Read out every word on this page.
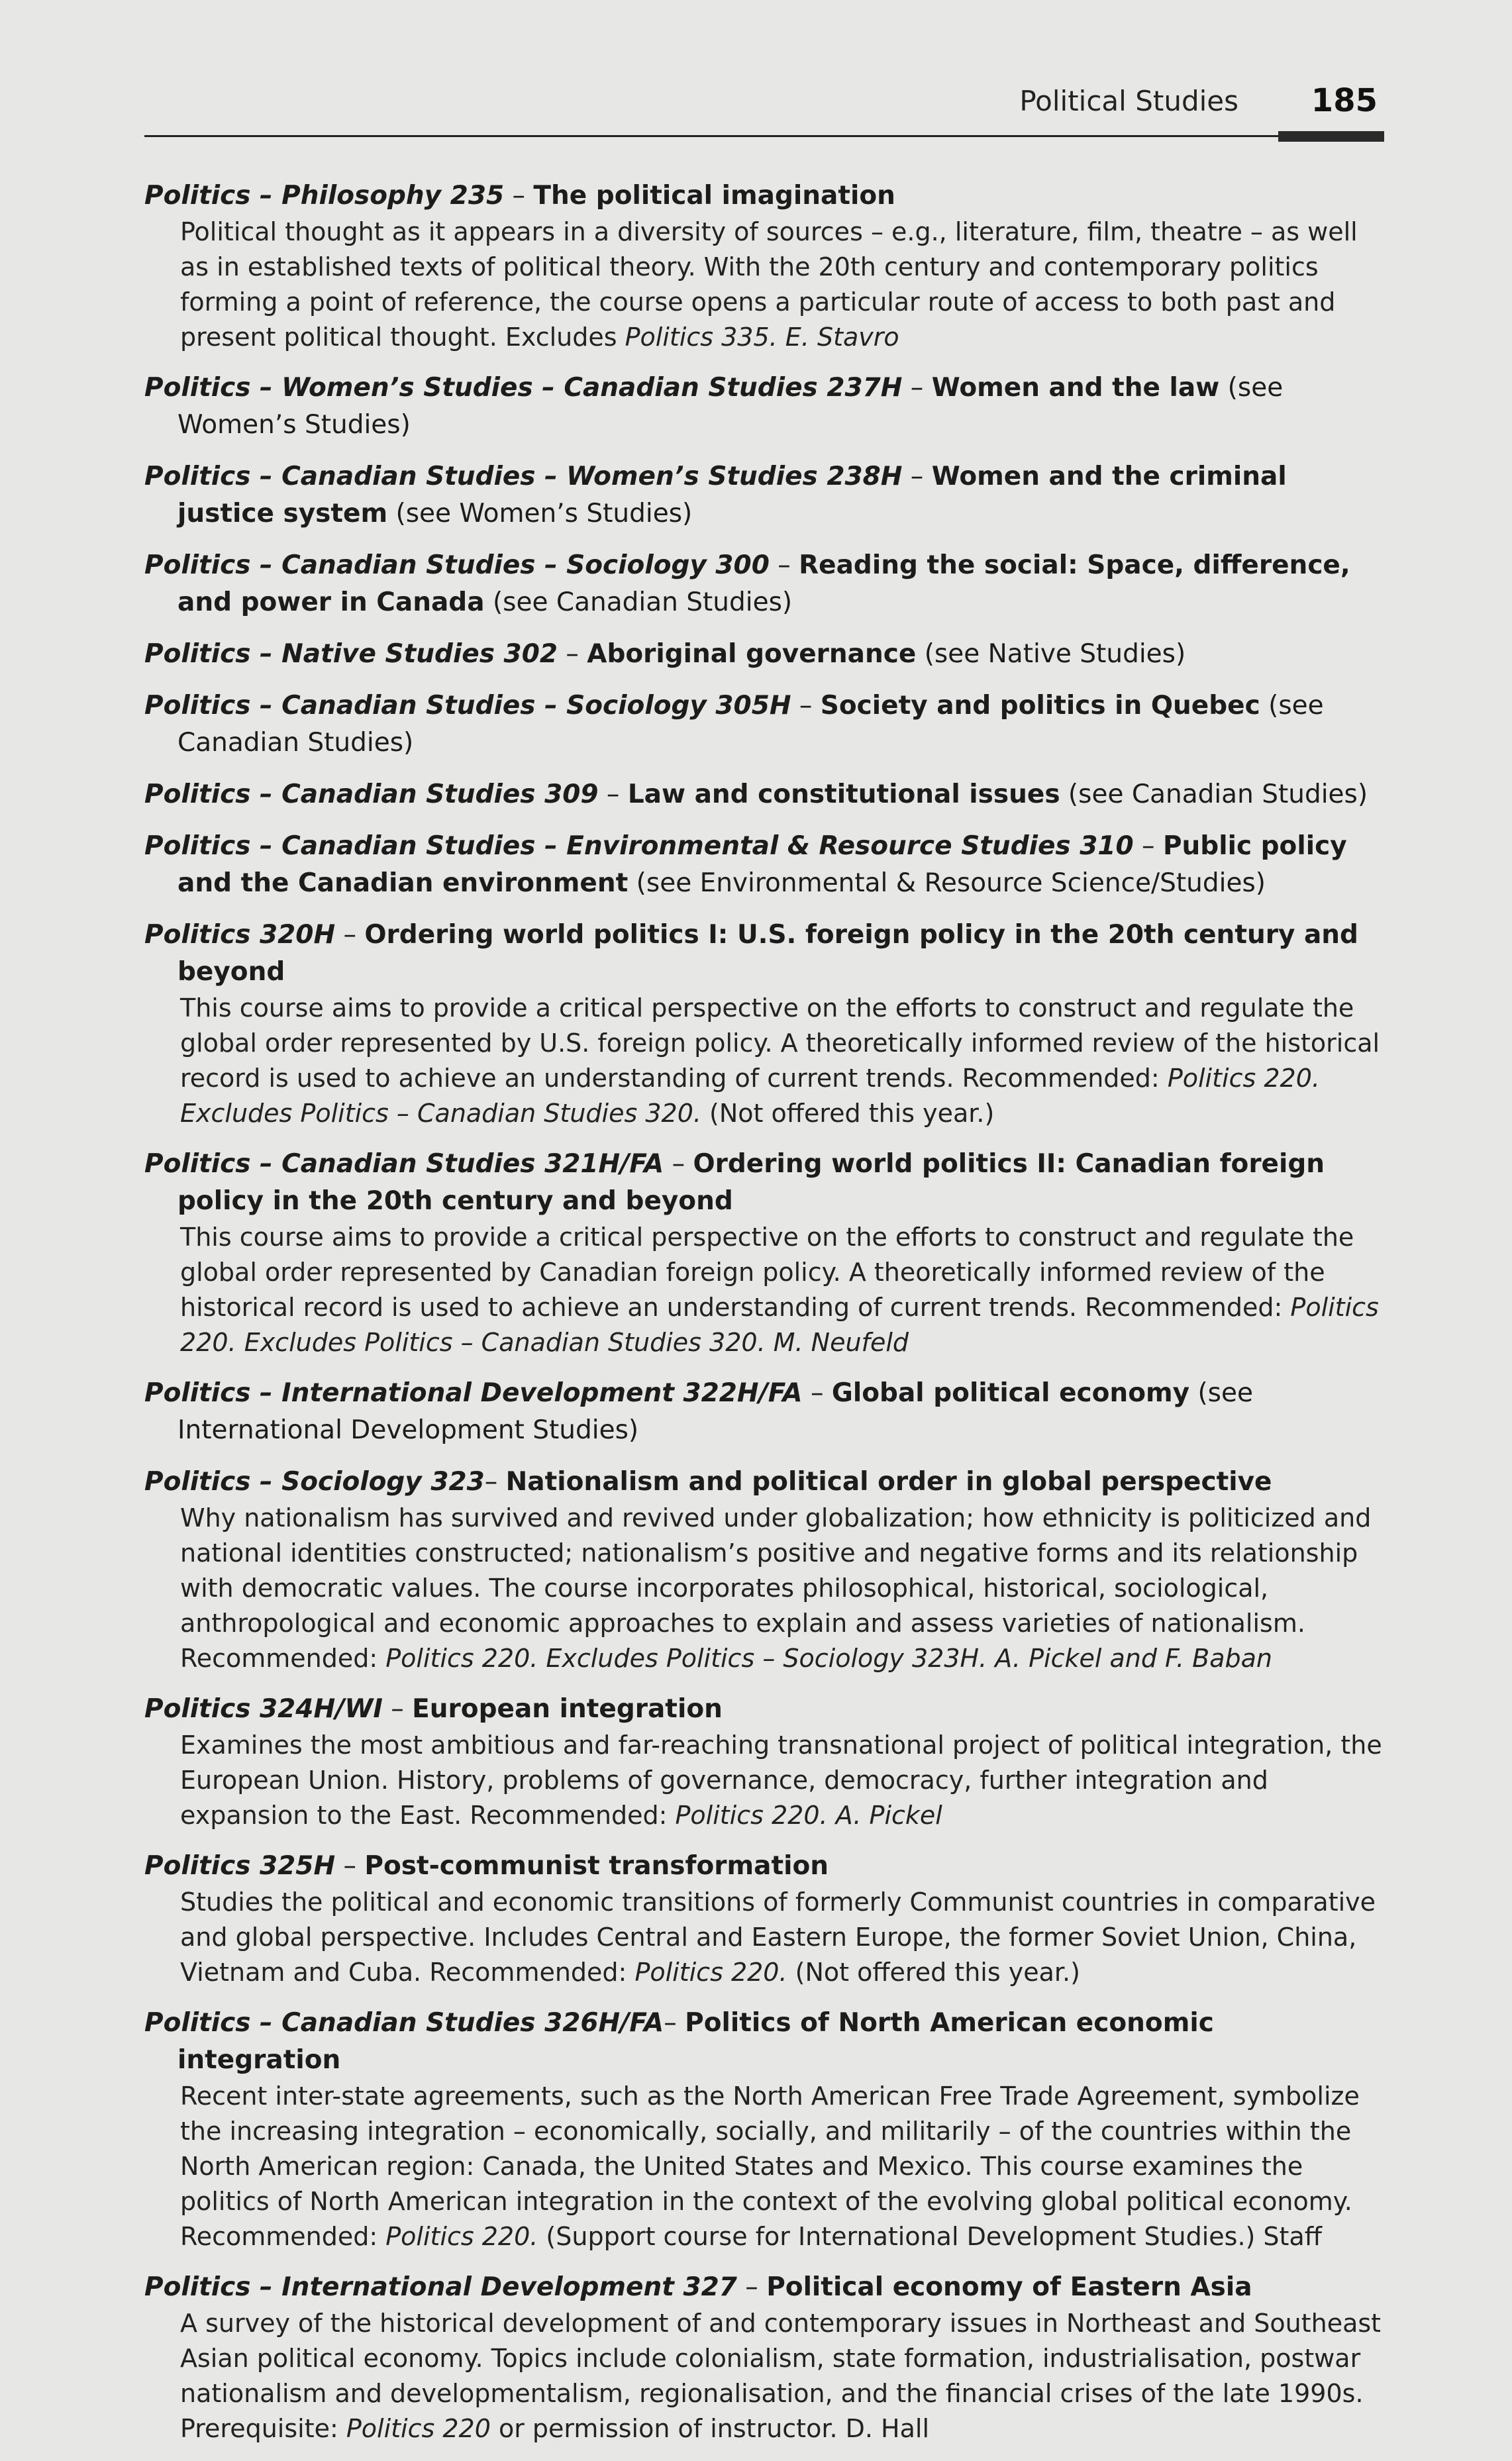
Political Studies 185

Politics – Philosophy 235 – The political imagination

Political thought as it appears in a diversity of sources – e.g., literature, film, theatre – as well as in established texts of political theory. With the 20th century and contemporary politics forming a point of reference, the course opens a particular route of access to both past and present political thought. Excludes Politics 335. E. Stavro

Politics – Women’s Studies – Canadian Studies 237H – Women and the law (see Women’s Studies)

Politics – Canadian Studies – Women’s Studies 238H – Women and the criminal justice system (see Women’s Studies)

Politics – Canadian Studies – Sociology 300 – Reading the social: Space, difference, and power in Canada (see Canadian Studies)

Politics – Native Studies 302 – Aboriginal governance (see Native Studies)

Politics – Canadian Studies – Sociology 305H – Society and politics in Quebec (see Canadian Studies)

Politics – Canadian Studies 309 – Law and constitutional issues (see Canadian Studies)

Politics – Canadian Studies – Environmental & Resource Studies 310 – Public policy and the Canadian environment (see Environmental & Resource Science/Studies)

Politics 320H – Ordering world politics I: U.S. foreign policy in the 20th century and beyond

This course aims to provide a critical perspective on the efforts to construct and regulate the global order represented by U.S. foreign policy. A theoretically informed review of the historical record is used to achieve an understanding of current trends. Recommended: Politics 220. Excludes Politics – Canadian Studies 320. (Not offered this year.)

Politics – Canadian Studies 321H/FA – Ordering world politics II: Canadian foreign policy in the 20th century and beyond

This course aims to provide a critical perspective on the efforts to construct and regulate the global order represented by Canadian foreign policy. A theoretically informed review of the historical record is used to achieve an understanding of current trends. Recommended: Politics 220. Excludes Politics – Canadian Studies 320. M. Neufeld

Politics – International Development 322H/FA – Global political economy (see International Development Studies)

Politics – Sociology 323– Nationalism and political order in global perspective

Why nationalism has survived and revived under globalization; how ethnicity is politicized and national identities constructed; nationalism’s positive and negative forms and its relationship with democratic values. The course incorporates philosophical, historical, sociological, anthropological and economic approaches to explain and assess varieties of nationalism. Recommended: Politics 220. Excludes Politics – Sociology 323H. A. Pickel and F. Baban

Politics 324H/WI – European integration

Examines the most ambitious and far-reaching transnational project of political integration, the European Union. History, problems of governance, democracy, further integration and expansion to the East. Recommended: Politics 220. A. Pickel

Politics 325H – Post-communist transformation

Studies the political and economic transitions of formerly Communist countries in comparative and global perspective. Includes Central and Eastern Europe, the former Soviet Union, China, Vietnam and Cuba. Recommended: Politics 220. (Not offered this year.)

Politics – Canadian Studies 326H/FA– Politics of North American economic integration

Recent inter-state agreements, such as the North American Free Trade Agreement, symbolize the increasing integration – economically, socially, and militarily – of the countries within the North American region: Canada, the United States and Mexico. This course examines the politics of North American integration in the context of the evolving global political economy. Recommended: Politics 220. (Support course for International Development Studies.) Staff

Politics – International Development 327 – Political economy of Eastern Asia

A survey of the historical development of and contemporary issues in Northeast and Southeast Asian political economy. Topics include colonialism, state formation, industrialisation, postwar nationalism and developmentalism, regionalisation, and the financial crises of the late 1990s. Prerequisite: Politics 220 or permission of instructor. D. Hall
